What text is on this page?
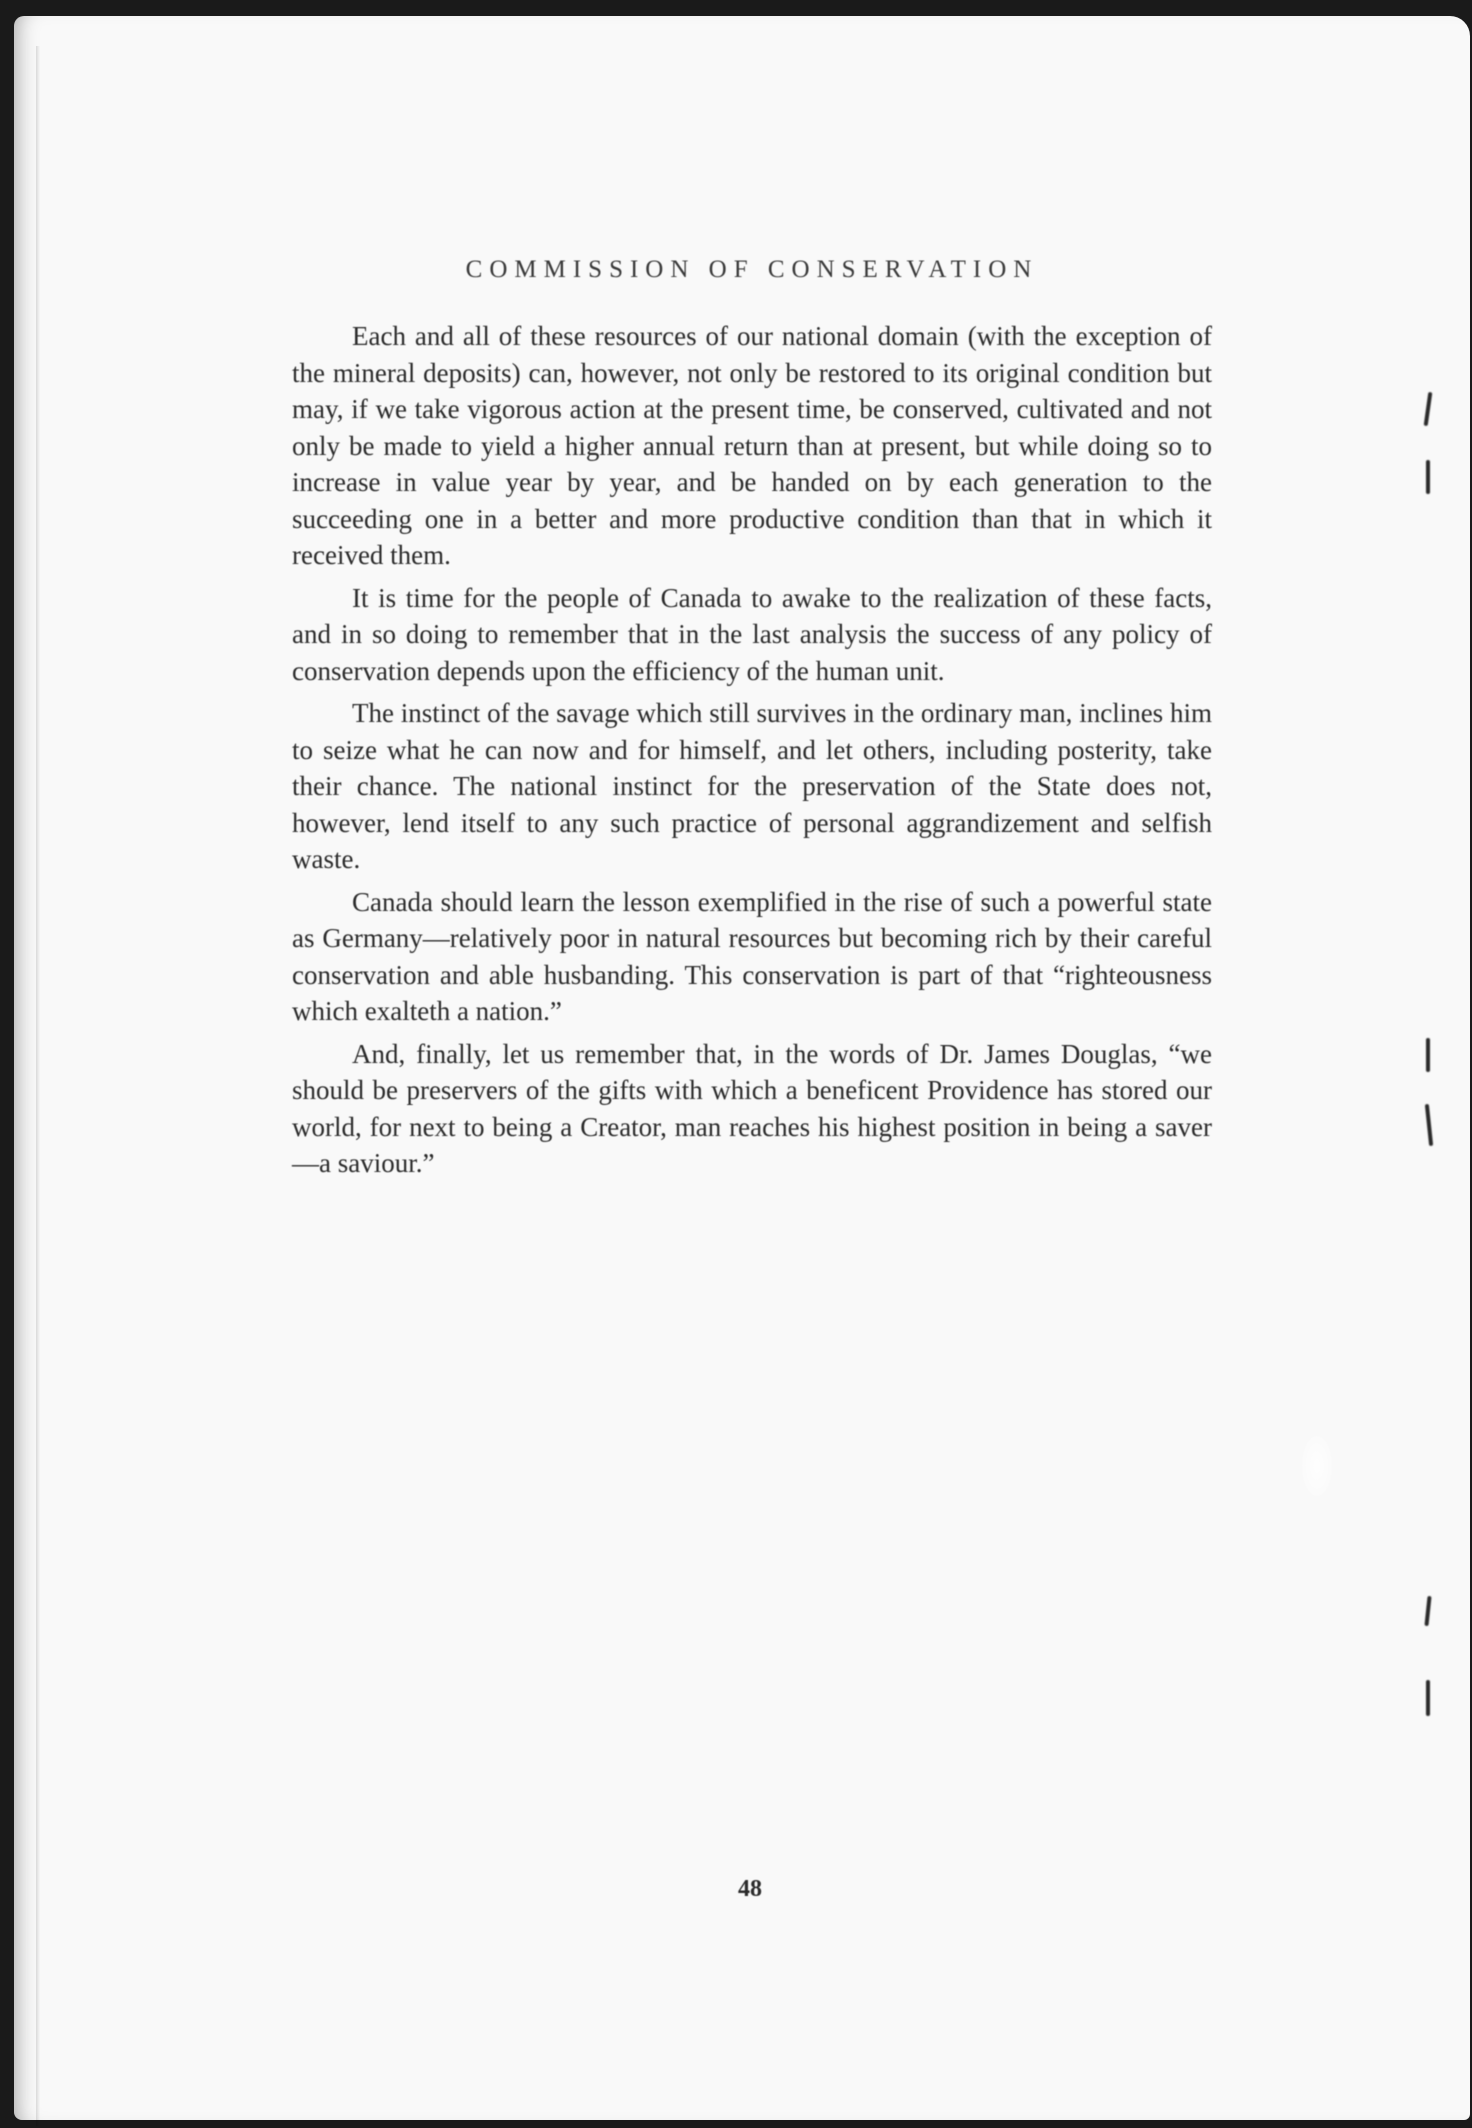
COMMISSION OF CONSERVATION

Each and all of these resources of our national domain (with the exception of the mineral deposits) can, however, not only be restored to its original condition but may, if we take vigorous action at the present time, be conserved, cultivated and not only be made to yield a higher annual return than at present, but while doing so to increase in value year by year, and be handed on by each generation to the succeeding one in a better and more productive condition than that in which it received them.

It is time for the people of Canada to awake to the realization of these facts, and in so doing to remember that in the last analysis the success of any policy of conservation depends upon the efficiency of the human unit.

The instinct of the savage which still survives in the ordinary man, inclines him to seize what he can now and for himself, and let others, including posterity, take their chance. The national instinct for the preservation of the State does not, however, lend itself to any such practice of personal aggrandizement and selfish waste.

Canada should learn the lesson exemplified in the rise of such a powerful state as Germany—relatively poor in natural resources but becoming rich by their careful conservation and able husbanding. This conservation is part of that “righteousness which exalteth a nation.”

And, finally, let us remember that, in the words of Dr. James Douglas, “we should be preservers of the gifts with which a beneficent Providence has stored our world, for next to being a Creator, man reaches his highest position in being a saver—a saviour.”

48
